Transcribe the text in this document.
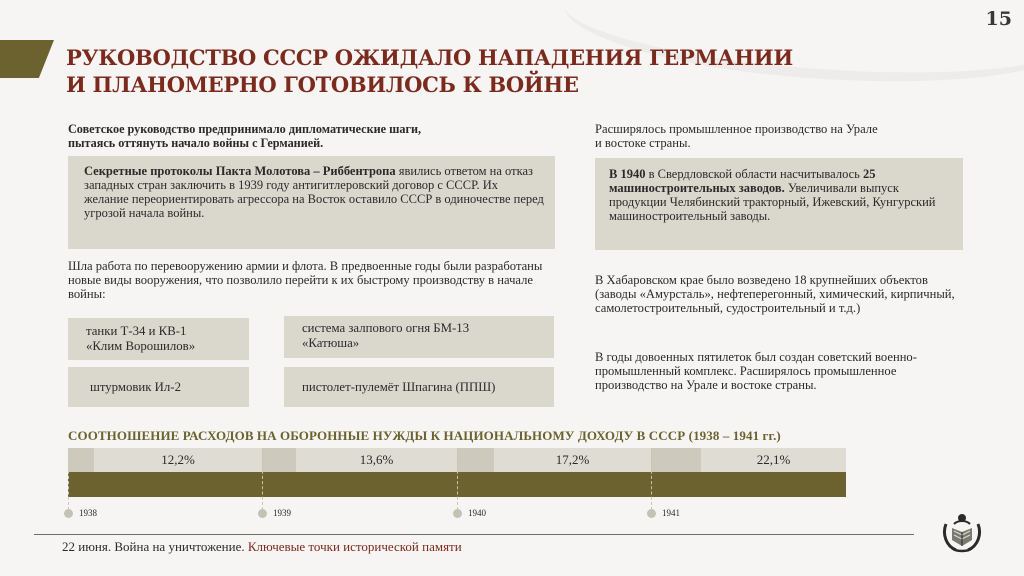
15
РУКОВОДСТВО СССР ОЖИДАЛО НАПАДЕНИЯ ГЕРМАНИИ
И ПЛАНОМЕРНО ГОТОВИЛОСЬ К ВОЙНЕ
Советское руководство предпринимало дипломатические шаги,
пытаясь оттянуть начало войны с Германией.
Секретные протоколы Пакта Молотова – Риббентропа явились ответом на отказ западных стран заключить в 1939 году антигитлеровский договор с СССР. Их желание переориентировать агрессора на Восток оставило СССР в одиночестве перед угрозой начала войны.
Шла работа по перевооружению армии и флота. В предвоенные годы были разработаны новые виды вооружения, что позволило перейти к их быстрому производству в начале войны:
танки Т-34 и КВ-1
«Клим Ворошилов»
система залпового огня БМ-13
«Катюша»
штурмовик Ил-2	пистолет-пулемёт Шпагина (ППШ)
Расширялось промышленное производство на Урале
и востоке страны.
В 1940 в Свердловской области насчитывалось 25 машиностроительных заводов. Увеличивали выпуск продукции Челябинский тракторный, Ижевский, Кунгурский машиностроительный заводы.
В Хабаровском крае было возведено 18 крупнейших объектов (заводы «Амурсталь», нефтеперегонный, химический, кирпичный, самолетостроительный, судостроительный и т.д.)
В годы довоенных пятилеток был создан советский военно-промышленный комплекс. Расширялось промышленное производство на Урале и востоке страны.
СООТНОШЕНИЕ РАСХОДОВ НА ОБОРОННЫЕ НУЖДЫ К НАЦИОНАЛЬНОМУ ДОХОДУ В СССР (1938 – 1941 гг.)
12,2%	13,6%	17,2%	22,1%
1938	1939	1940	1941
22 июня. Война на уничтожение. Ключевые точки исторической памяти
